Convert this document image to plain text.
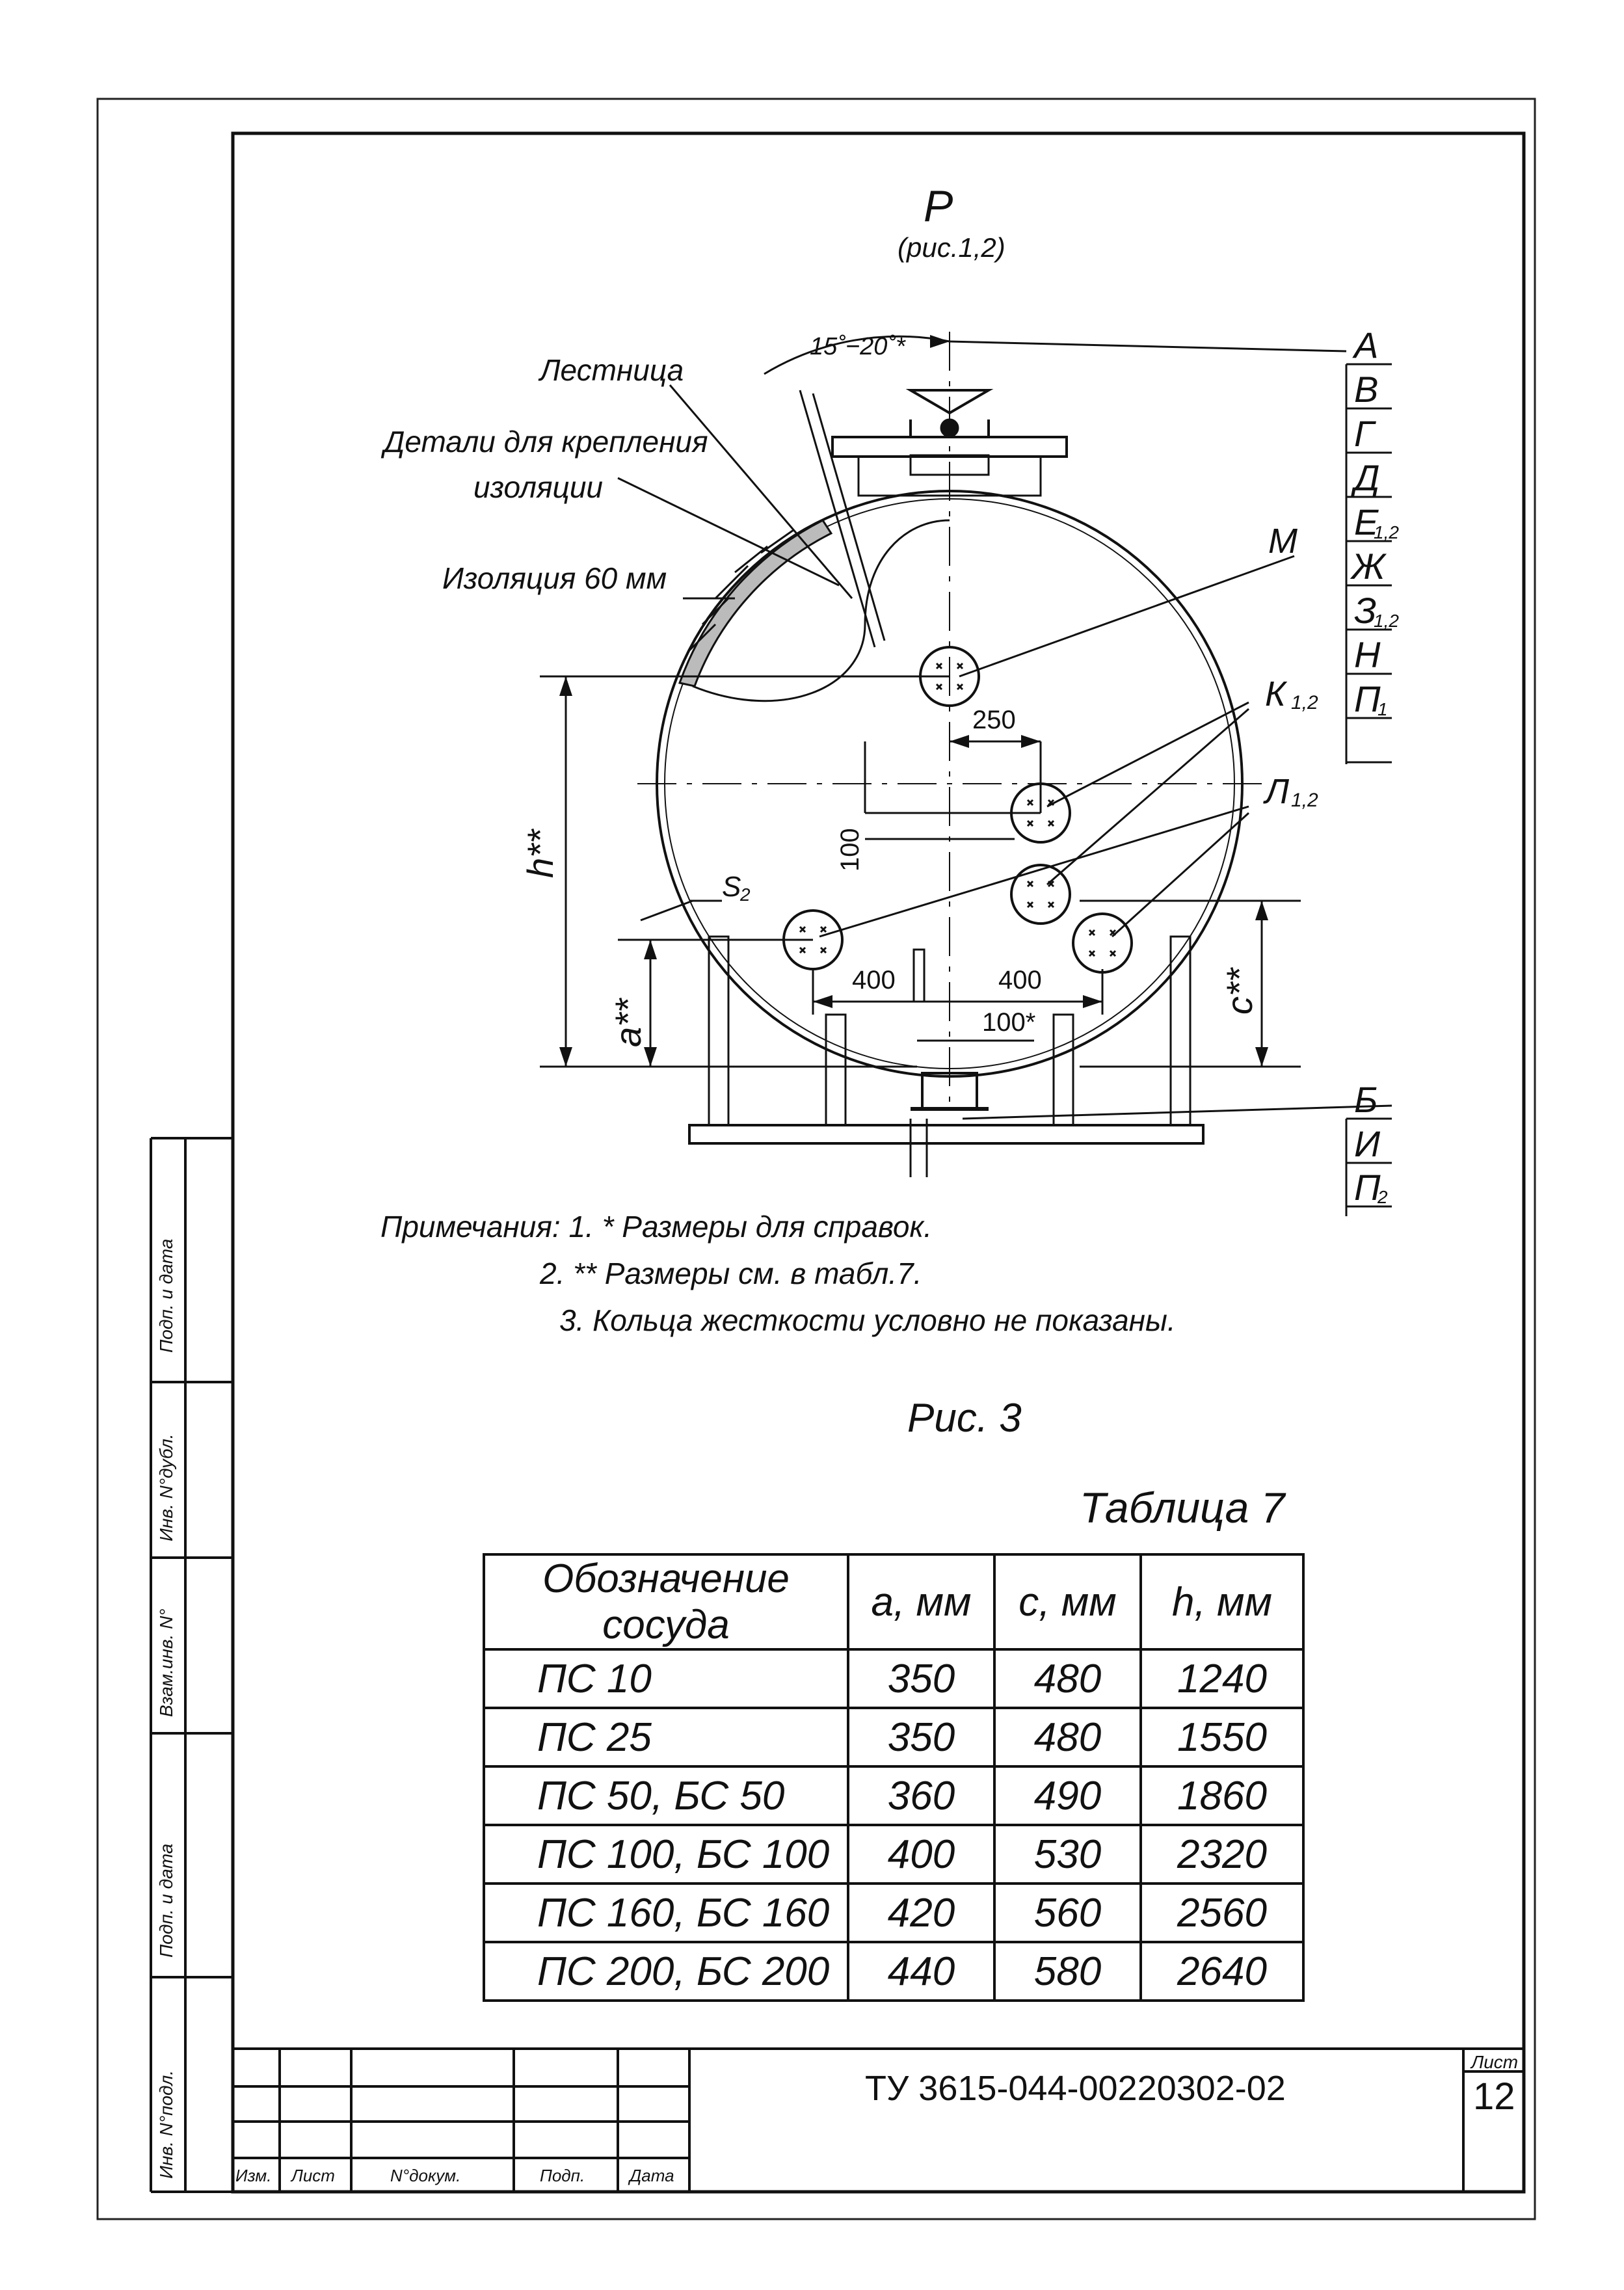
Р
(рис.1,2)
15˚−20˚*
Лестница
Детали для крепления
изоляции
Изоляция 60 мм
М
К 1,2
Л 1,2
250
100
h**
a**
c**
S
2
400	400
100*
А
В
Г
Д
Е
1,2
Ж
З
1,2
Н
П
1
Б
И
П
2
Примечания: 1. * Размеры для справок.
2. ** Размеры см. в табл.7.
3. Кольца жесткости условно не показаны.
Рис. 3
Таблица 7
Обозначение сосуда	a, мм	c, мм	h, мм
ПС 10	350	480	1240
ПС 25	350	480	1550
ПС 50, БС 50	360	490	1860
ПС 100, БС 100	400	530	2320
ПС 160, БС 160	420	560	2560
ПС 200, БС 200	440	580	2640
ТУ 3615-044-00220302-02
Лист
12
Изм. Лист	N°докум.	Подп.	Дата
Подп. и дата
Инв. N°дубл.
Взам.инв. N°
Подп. и дата
Инв. N°подл.
